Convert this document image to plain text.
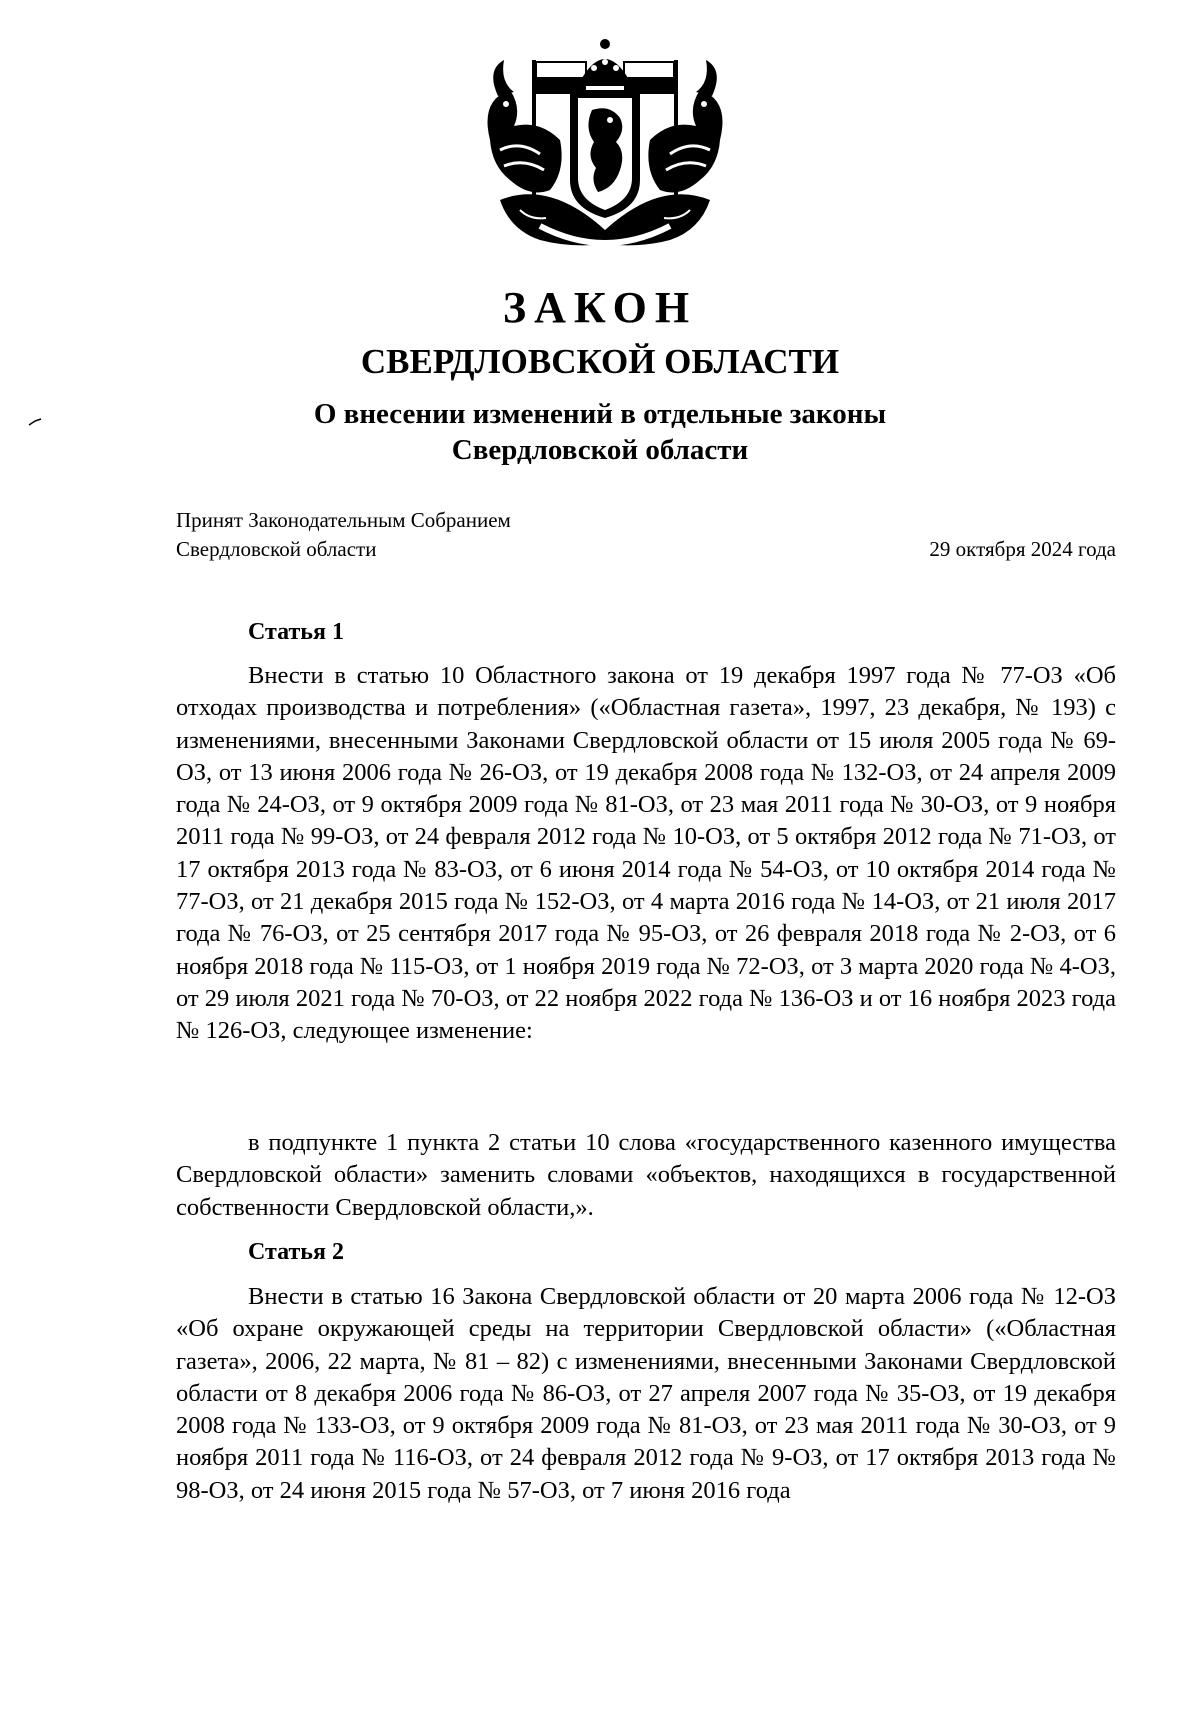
ЗАКОН
СВЕРДЛОВСКОЙ ОБЛАСТИ
О внесении изменений в отдельные законы
Свердловской области
Принят Законодательным Собранием
Свердловской области	29 октября 2024 года
Статья 1
Внести в статью 10 Областного закона от 19 декабря 1997 года № 77-ОЗ «Об отходах производства и потребления» («Областная газета», 1997, 23 декабря, № 193) с изменениями, внесенными Законами Свердловской области от 15 июля 2005 года № 69-ОЗ, от 13 июня 2006 года № 26-ОЗ, от 19 декабря 2008 года № 132-ОЗ, от 24 апреля 2009 года № 24-ОЗ, от 9 октября 2009 года № 81-ОЗ, от 23 мая 2011 года № 30-ОЗ, от 9 ноября 2011 года № 99-ОЗ, от 24 февраля 2012 года № 10-ОЗ, от 5 октября 2012 года № 71-ОЗ, от 17 октября 2013 года № 83-ОЗ, от 6 июня 2014 года № 54-ОЗ, от 10 октября 2014 года № 77-ОЗ, от 21 декабря 2015 года № 152-ОЗ, от 4 марта 2016 года № 14-ОЗ, от 21 июля 2017 года № 76-ОЗ, от 25 сентября 2017 года № 95-ОЗ, от 26 февраля 2018 года № 2-ОЗ, от 6 ноября 2018 года № 115-ОЗ, от 1 ноября 2019 года № 72-ОЗ, от 3 марта 2020 года № 4-ОЗ, от 29 июля 2021 года № 70-ОЗ, от 22 ноября 2022 года № 136-ОЗ и от 16 ноября 2023 года № 126-ОЗ, следующее изменение:
в подпункте 1 пункта 2 статьи 10 слова «государственного казенного имущества Свердловской области» заменить словами «объектов, находящихся в государственной собственности Свердловской области,».
Статья 2
Внести в статью 16 Закона Свердловской области от 20 марта 2006 года № 12-ОЗ «Об охране окружающей среды на территории Свердловской области» («Областная газета», 2006, 22 марта, № 81 – 82) с изменениями, внесенными Законами Свердловской области от 8 декабря 2006 года № 86-ОЗ, от 27 апреля 2007 года № 35-ОЗ, от 19 декабря 2008 года № 133-ОЗ, от 9 октября 2009 года № 81-ОЗ, от 23 мая 2011 года № 30-ОЗ, от 9 ноября 2011 года № 116-ОЗ, от 24 февраля 2012 года № 9-ОЗ, от 17 октября 2013 года № 98-ОЗ, от 24 июня 2015 года № 57-ОЗ, от 7 июня 2016 года
